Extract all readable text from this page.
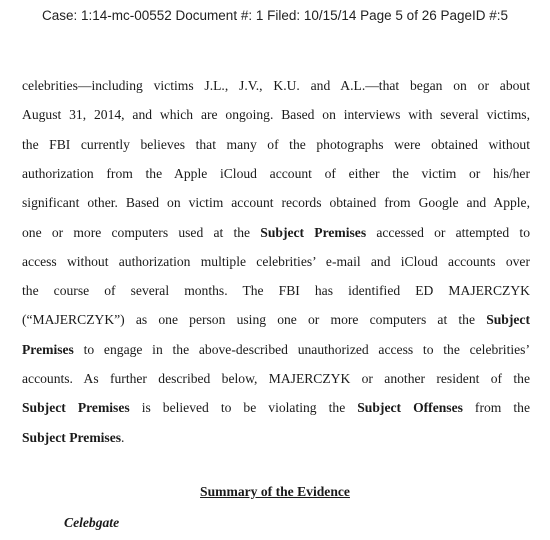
Case: 1:14-mc-00552 Document #: 1 Filed: 10/15/14 Page 5 of 26 PageID #:5
celebrities—including victims J.L., J.V., K.U. and A.L.—that began on or about
August 31, 2014, and which are ongoing. Based on interviews with several victims,
the FBI currently believes that many of the photographs were obtained without
authorization from the Apple iCloud account of either the victim or his/her
significant other. Based on victim account records obtained from Google and Apple,
one or more computers used at the Subject Premises accessed or attempted to
access without authorization multiple celebrities’ e-mail and iCloud accounts over
the course of several months. The FBI has identified ED MAJERCZYK
(“MAJERCZYK”) as one person using one or more computers at the Subject
Premises to engage in the above-described unauthorized access to the celebrities’
accounts. As further described below, MAJERCZYK or another resident of the
Subject Premises is believed to be violating the Subject Offenses from the
Subject Premises.
Summary of the Evidence
Celebgate
